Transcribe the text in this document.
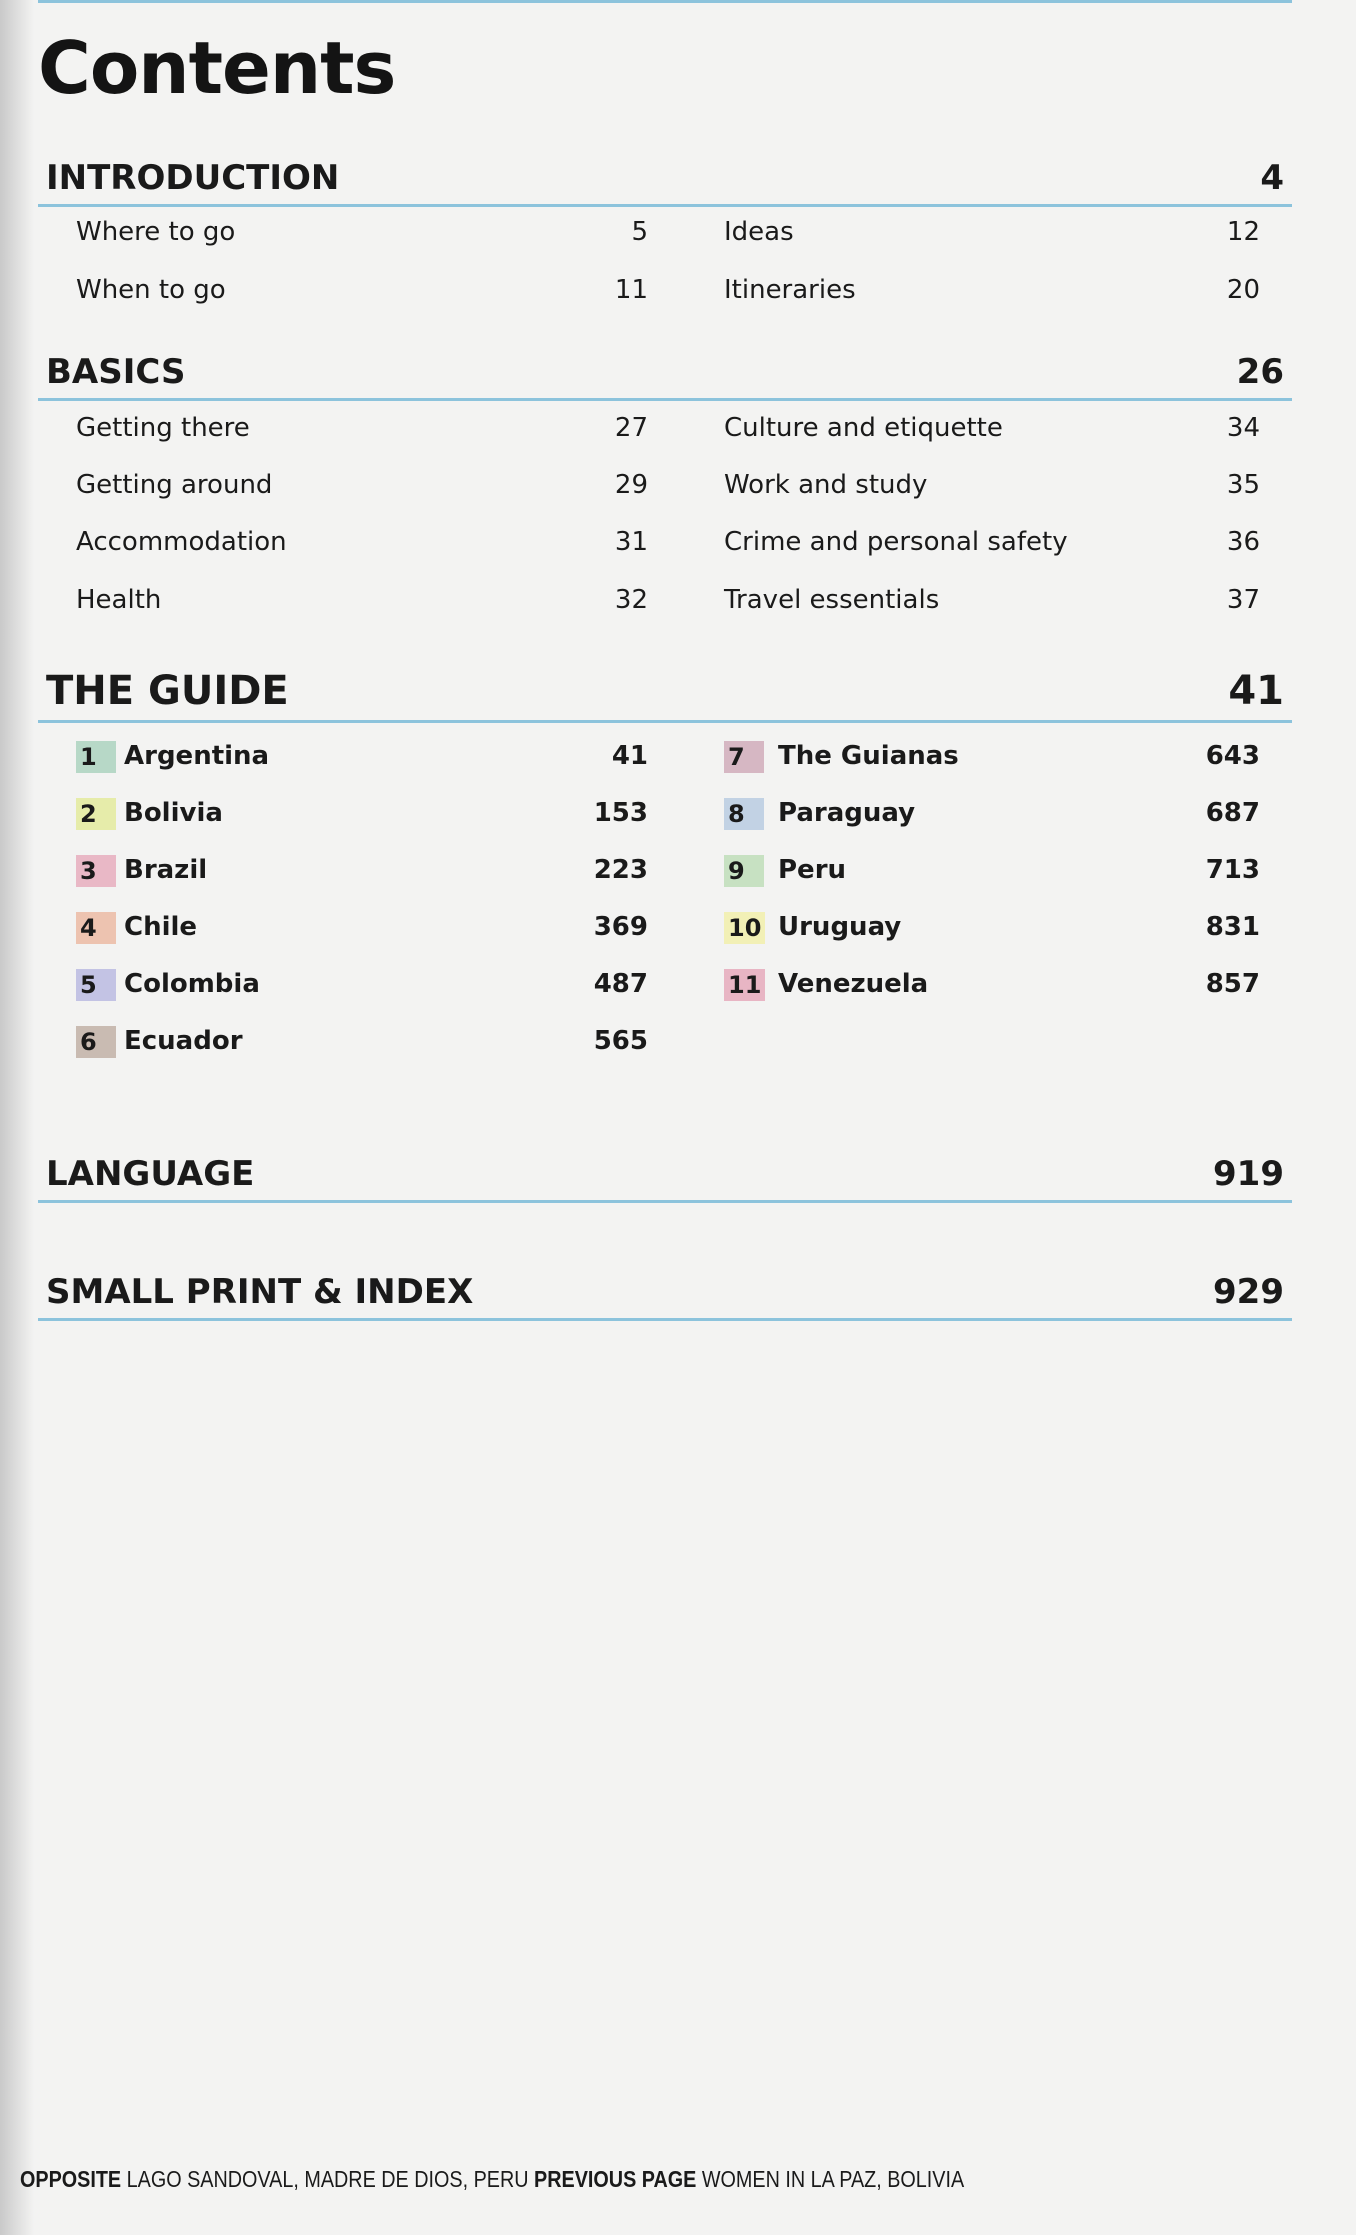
Contents
INTRODUCTION	4
Where to go	5
When to go	11
Ideas	12
Itineraries	20
BASICS	26
Getting there	27
Getting around	29
Accommodation	31
Health	32
Culture and etiquette	34
Work and study	35
Crime and personal safety	36
Travel essentials	37
THE GUIDE	41
1	Argentina	41
2	Bolivia	153
3	Brazil	223
4	Chile	369
5	Colombia	487
6	Ecuador	565
7	The Guianas	643
8	Paraguay	687
9	Peru	713
10 Uruguay	831
11 Venezuela	857
LANGUAGE	919
SMALL PRINT & INDEX	929
OPPOSITE LAGO SANDOVAL, MADRE DE DIOS, PERU PREVIOUS PAGE WOMEN IN LA PAZ, BOLIVIA
